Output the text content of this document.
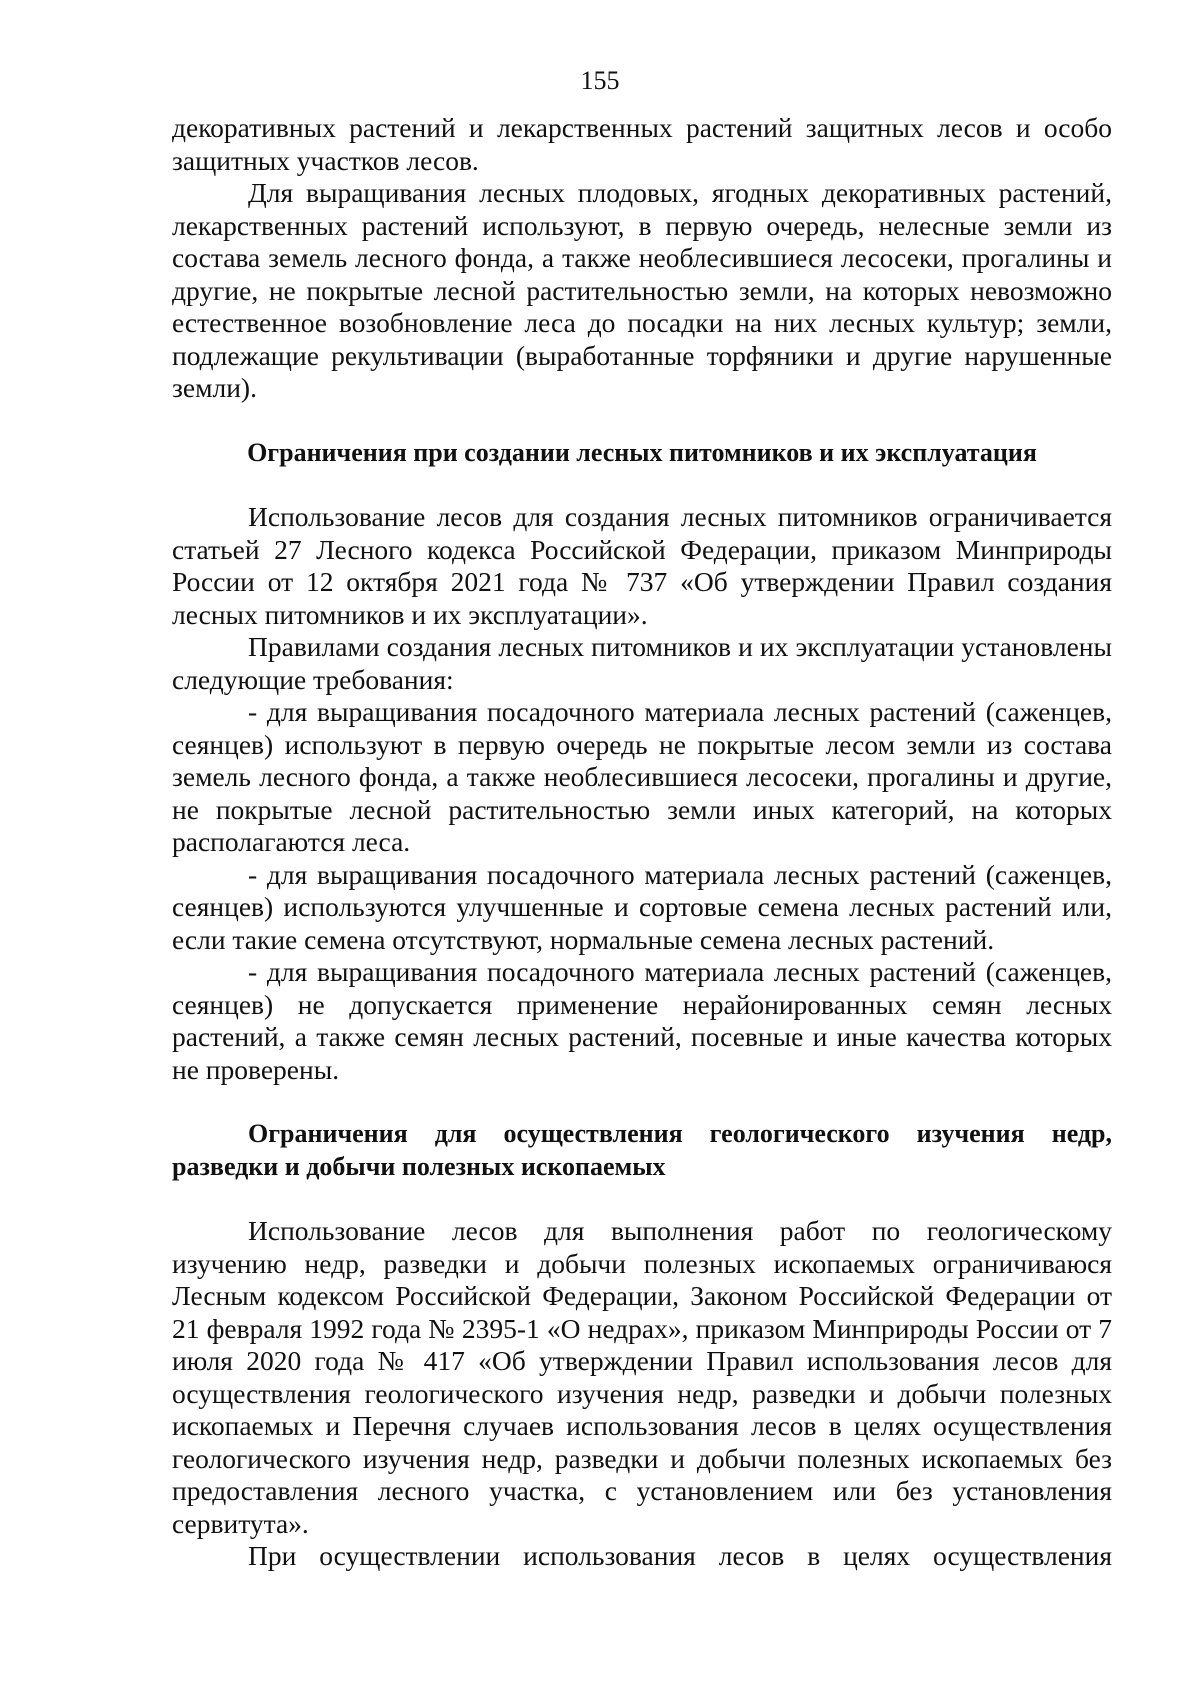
155

декоративных растений и лекарственных растений защитных лесов и особо защитных участков лесов.

Для выращивания лесных плодовых, ягодных декоративных растений, лекарственных растений используют, в первую очередь, нелесные земли из состава земель лесного фонда, а также необлесившиеся лесосеки, прогалины и другие, не покрытые лесной растительностью земли, на которых невозможно естественное возобновление леса до посадки на них лесных культур; земли, подлежащие рекультивации (выработанные торфяники и другие нарушенные земли).

Ограничения при создании лесных питомников и их эксплуатация

Использование лесов для создания лесных питомников ограничивается статьей 27 Лесного кодекса Российской Федерации, приказом Минприроды России от 12 октября 2021 года № 737 «Об утверждении Правил создания лесных питомников и их эксплуатации».

Правилами создания лесных питомников и их эксплуатации установлены следующие требования:

- для выращивания посадочного материала лесных растений (саженцев, сеянцев) используют в первую очередь не покрытые лесом земли из состава земель лесного фонда, а также необлесившиеся лесосеки, прогалины и другие, не покрытые лесной растительностью земли иных категорий, на которых располагаются леса.

- для выращивания посадочного материала лесных растений (саженцев, сеянцев) используются улучшенные и сортовые семена лесных растений или, если такие семена отсутствуют, нормальные семена лесных растений.

- для выращивания посадочного материала лесных растений (саженцев, сеянцев) не допускается применение нерайонированных семян лесных растений, а также семян лесных растений, посевные и иные качества которых не проверены.

Ограничения для осуществления геологического изучения недр, разведки и добычи полезных ископаемых

Использование лесов для выполнения работ по геологическому изучению недр, разведки и добычи полезных ископаемых ограничиваюся Лесным кодексом Российской Федерации, Законом Российской Федерации от 21 февраля 1992 года № 2395-1 «О недрах», приказом Минприроды России от 7 июля 2020 года № 417 «Об утверждении Правил использования лесов для осуществления геологического изучения недр, разведки и добычи полезных ископаемых и Перечня случаев использования лесов в целях осуществления геологического изучения недр, разведки и добычи полезных ископаемых без предоставления лесного участка, с установлением или без установления сервитута».

При осуществлении использования лесов в целях осуществления
